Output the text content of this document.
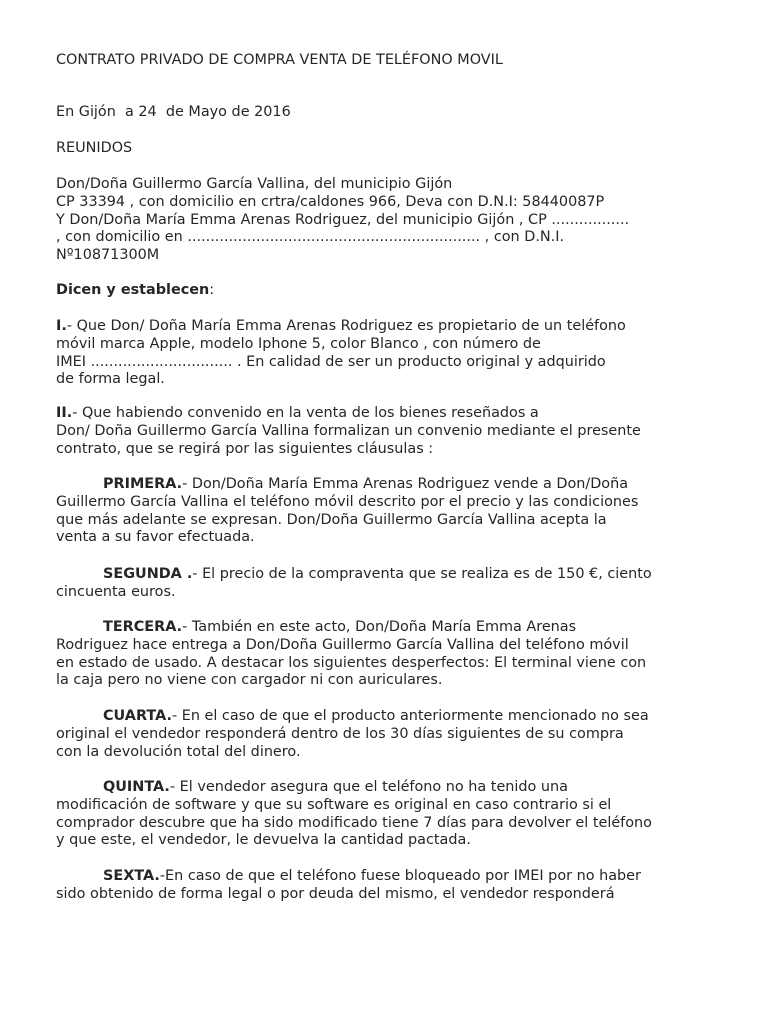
CONTRATO PRIVADO DE COMPRA VENTA DE TELÉFONO MOVIL
En Gijón  a 24  de Mayo de 2016
REUNIDOS
Don/Doña Guillermo García Vallina, del municipio Gijón
CP 33394 , con domicilio en crtra/caldones 966, Deva con D.N.I: 58440087P
Y Don/Doña María Emma Arenas Rodriguez, del municipio Gijón , CP .................
, con domicilio en ................................................................ , con D.N.I.
Nº10871300M
Dicen y establecen:
I.- Que Don/ Doña María Emma Arenas Rodriguez es propietario de un teléfono
móvil marca Apple, modelo Iphone 5, color Blanco , con número de
IMEI ............................... . En calidad de ser un producto original y adquirido
de forma legal.
II.- Que habiendo convenido en la venta de los bienes reseñados a
Don/ Doña Guillermo García Vallina formalizan un convenio mediante el presente
contrato, que se regirá por las siguientes cláusulas :
PRIMERA.- Don/Doña María Emma Arenas Rodriguez vende a Don/Doña
Guillermo García Vallina el teléfono móvil descrito por el precio y las condiciones
que más adelante se expresan. Don/Doña Guillermo García Vallina acepta la
venta a su favor efectuada.
SEGUNDA .- El precio de la compraventa que se realiza es de 150 €, ciento
cincuenta euros.
TERCERA.- También en este acto, Don/Doña María Emma Arenas
Rodriguez hace entrega a Don/Doña Guillermo García Vallina del teléfono móvil
en estado de usado. A destacar los siguientes desperfectos: El terminal viene con
la caja pero no viene con cargador ni con auriculares.
CUARTA.- En el caso de que el producto anteriormente mencionado no sea
original el vendedor responderá dentro de los 30 días siguientes de su compra
con la devolución total del dinero.
QUINTA.- El vendedor asegura que el teléfono no ha tenido una
modificación de software y que su software es original en caso contrario si el
comprador descubre que ha sido modificado tiene 7 días para devolver el teléfono
y que este, el vendedor, le devuelva la cantidad pactada.
SEXTA.-En caso de que el teléfono fuese bloqueado por IMEI por no haber
sido obtenido de forma legal o por deuda del mismo, el vendedor responderá
